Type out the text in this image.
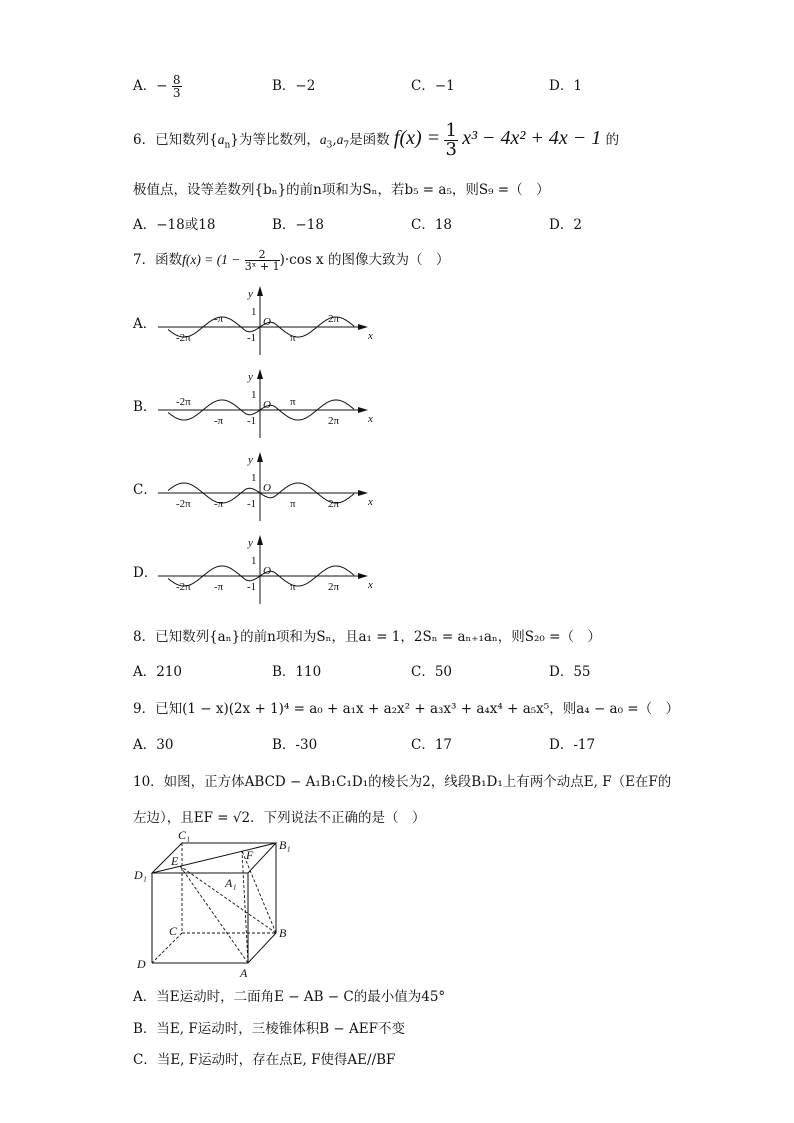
A．− $\frac{8}{3}$	B．−2	C．−1	D．1
6．已知数列$\{a_n\}$为等比数列，$a_3,a_7$是函数 $f(x) = \frac{1}{3} x^3 - 4x^2 + 4x - 1$ 的
极值点，设等差数列{bₙ}的前n项和为Sₙ，若b₅ = a₅，则S₉ =（　）
A．−18或18	B．−18	C．18	D．2
7．函数$f(x) = (1 - \frac{2}{\text{3ˣ + 1}} )\cdot\cos$ x 的图像大致为（　）
A．
y
x
O
1
-1
-2π
-π
π
2π
B．
y
x
O
1
-1
-2π
-π
π
2π
C．
y
x
O
1
-1
-2π -π	π	2π
D．
y
x
O
1
-1
-2π -π	π	2π
8．已知数列{aₙ}的前n项和为Sₙ，且a₁ = 1，2Sₙ = aₙ₊₁aₙ，则S₂₀ =（　）
A．210	B．110	C．50	D．55
9．已知(1 − x)(2x + 1)⁴ = a₀ + a₁x + a₂x² + a₃x³ + a₄x⁴ + a₅x⁵，则a₄ − a₀ =（　）
A．30	B．-30	C．17	D．-17
10．如图，正方体ABCD − A₁B₁C₁D₁的棱长为2，线段B₁D₁上有两个动点E, F（E在F的
左边），且EF = √2．下列说法不正确的是（　）
C₁
B₁
D₁
A₁
E	F
C	B
D
A
A．当E运动时，二面角E − AB − C的最小值为45°
B．当E, F运动时，三棱锥体积B − AEF不变
C．当E, F运动时，存在点E, F使得AE//BF
